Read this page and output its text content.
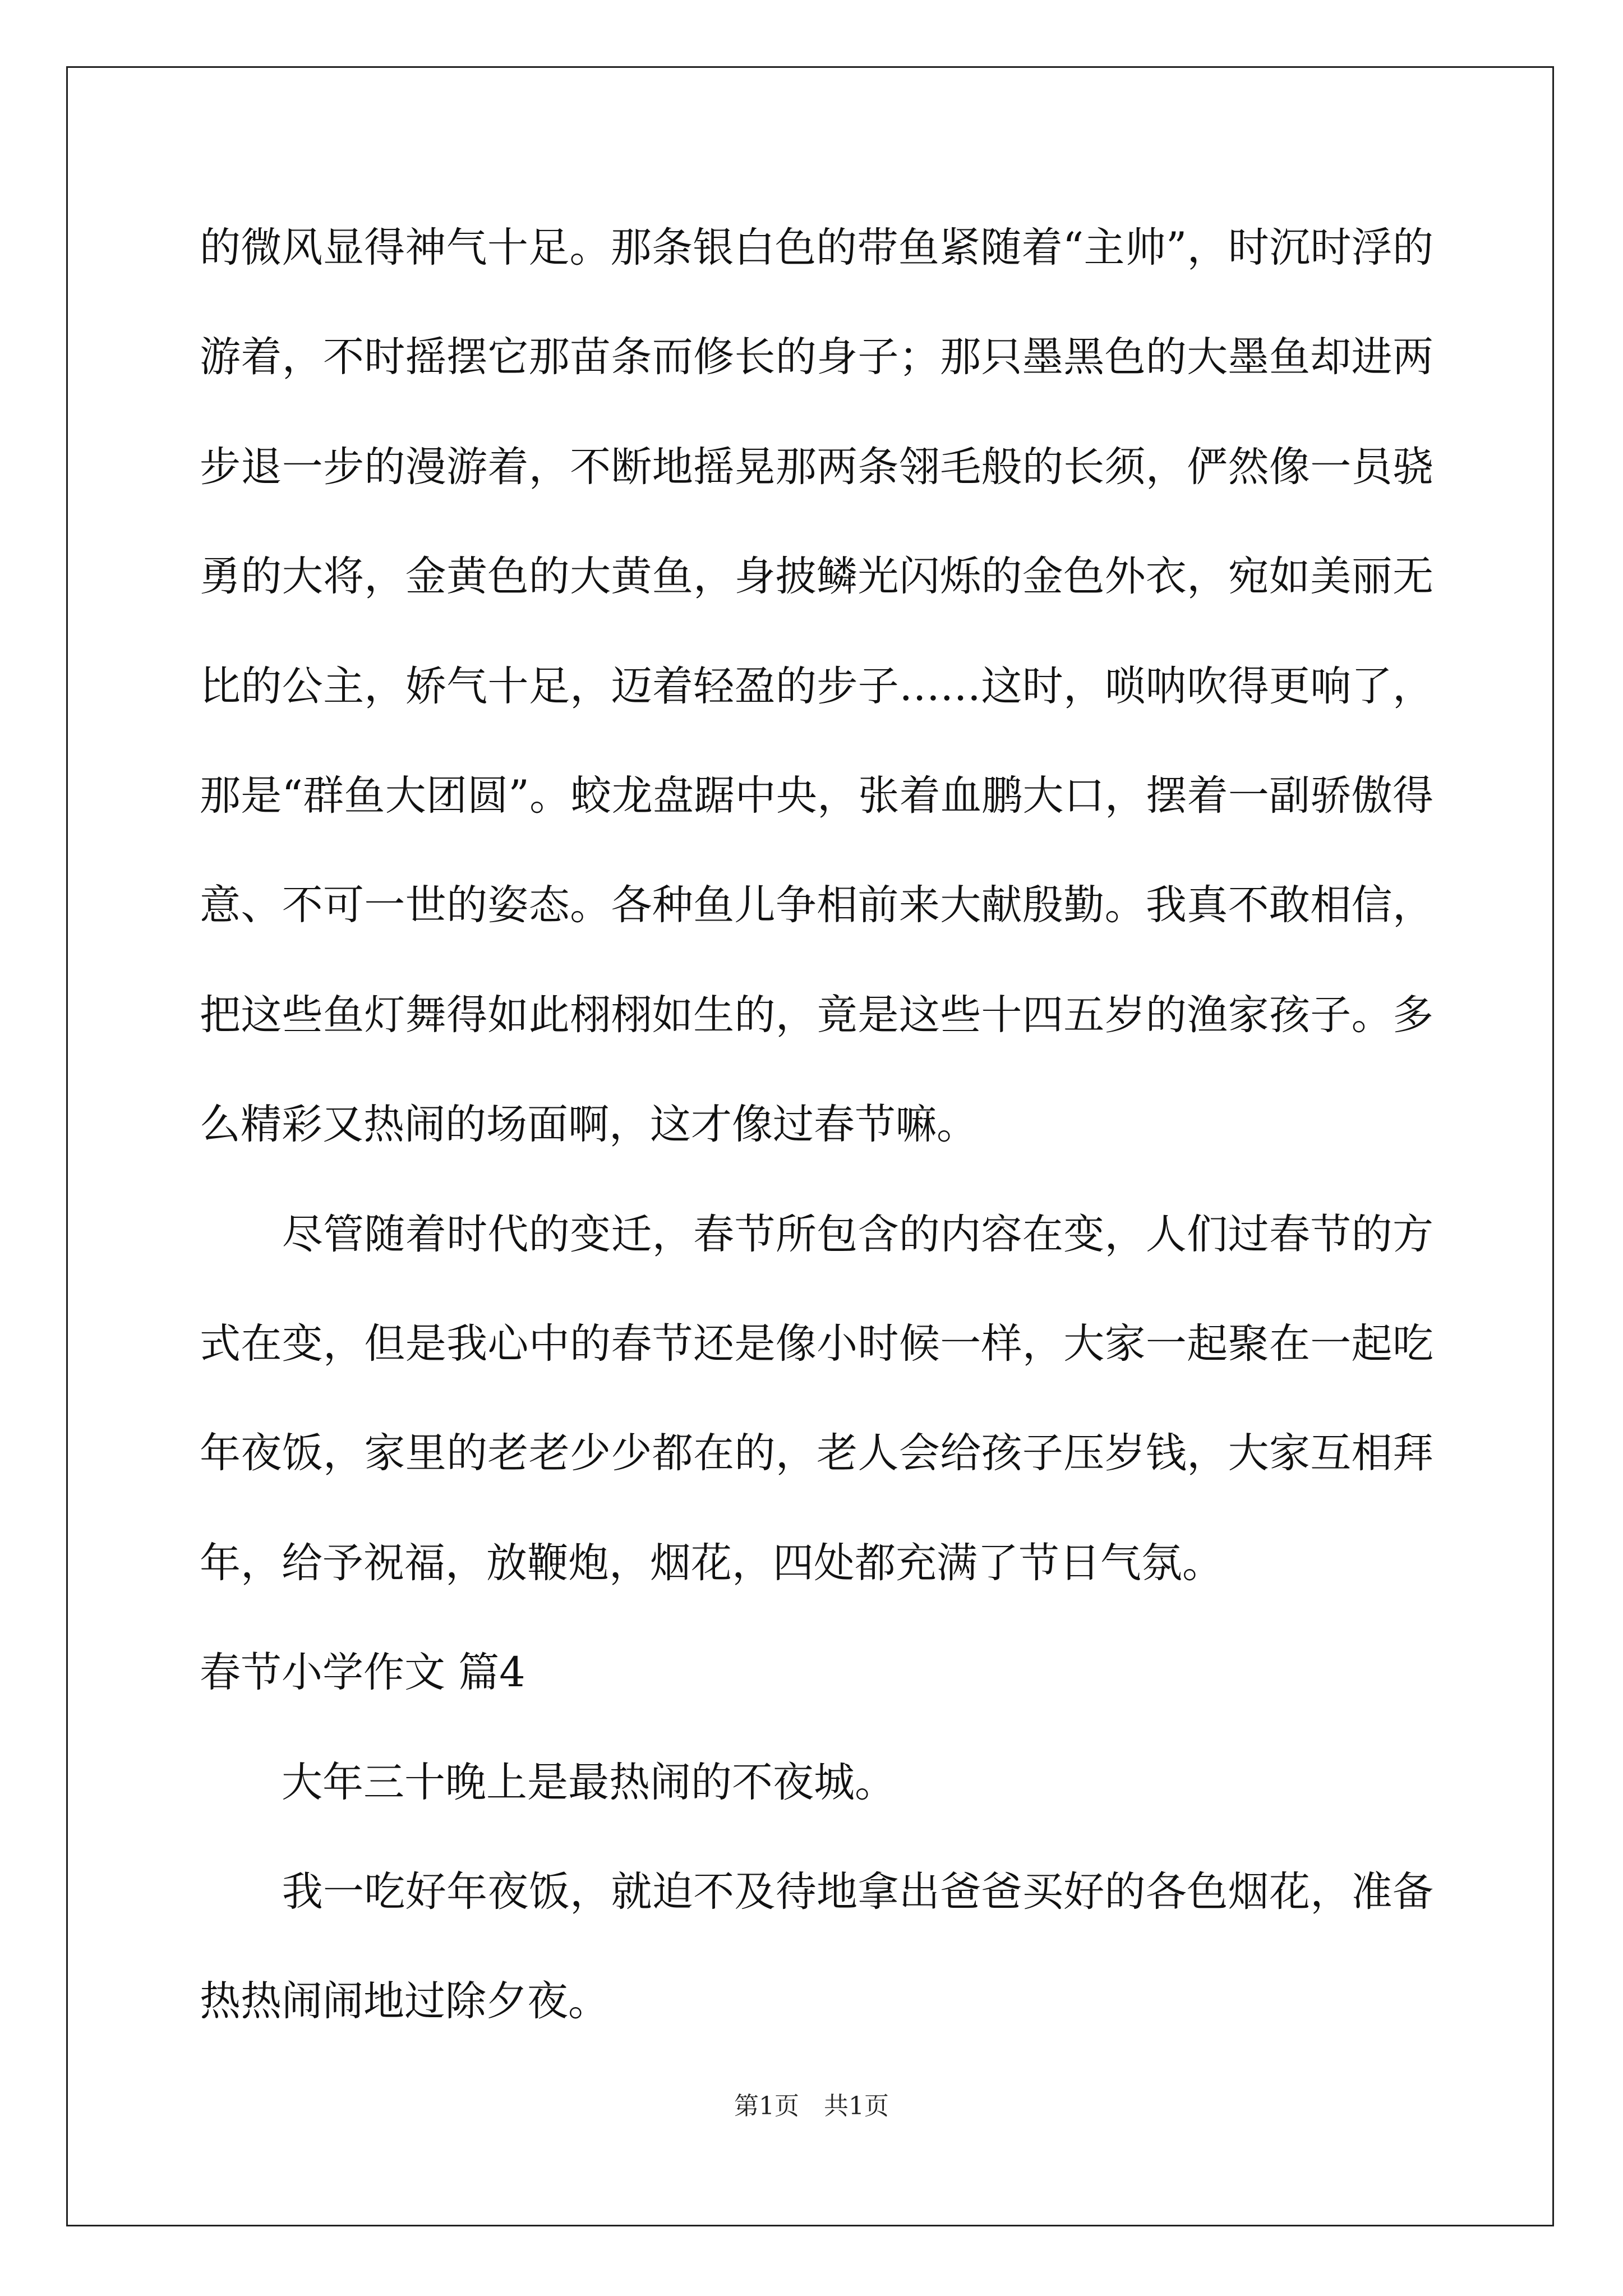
的微风显得神气十足。那条银白色的带鱼紧随着“主帅”，时沉时浮的
游着，不时摇摆它那苗条而修长的身子；那只墨黑色的大墨鱼却进两
步退一步的漫游着，不断地摇晃那两条翎毛般的长须，俨然像一员骁
勇的大将，金黄色的大黄鱼，身披鳞光闪烁的金色外衣，宛如美丽无
比的公主，娇气十足，迈着轻盈的步子……这时，唢呐吹得更响了，
那是“群鱼大团圆”。蛟龙盘踞中央，张着血鹏大口，摆着一副骄傲得
意、不可一世的姿态。各种鱼儿争相前来大献殷勤。我真不敢相信，
把这些鱼灯舞得如此栩栩如生的，竟是这些十四五岁的渔家孩子。多
么精彩又热闹的场面啊，这才像过春节嘛。
　　尽管随着时代的变迁，春节所包含的内容在变，人们过春节的方
式在变，但是我心中的春节还是像小时候一样，大家一起聚在一起吃
年夜饭，家里的老老少少都在的，老人会给孩子压岁钱，大家互相拜
年，给予祝福，放鞭炮，烟花，四处都充满了节日气氛。
春节小学作文 篇4
　　大年三十晚上是最热闹的不夜城。
　　我一吃好年夜饭，就迫不及待地拿出爸爸买好的各色烟花，准备
热热闹闹地过除夕夜。
第1页　共1页
